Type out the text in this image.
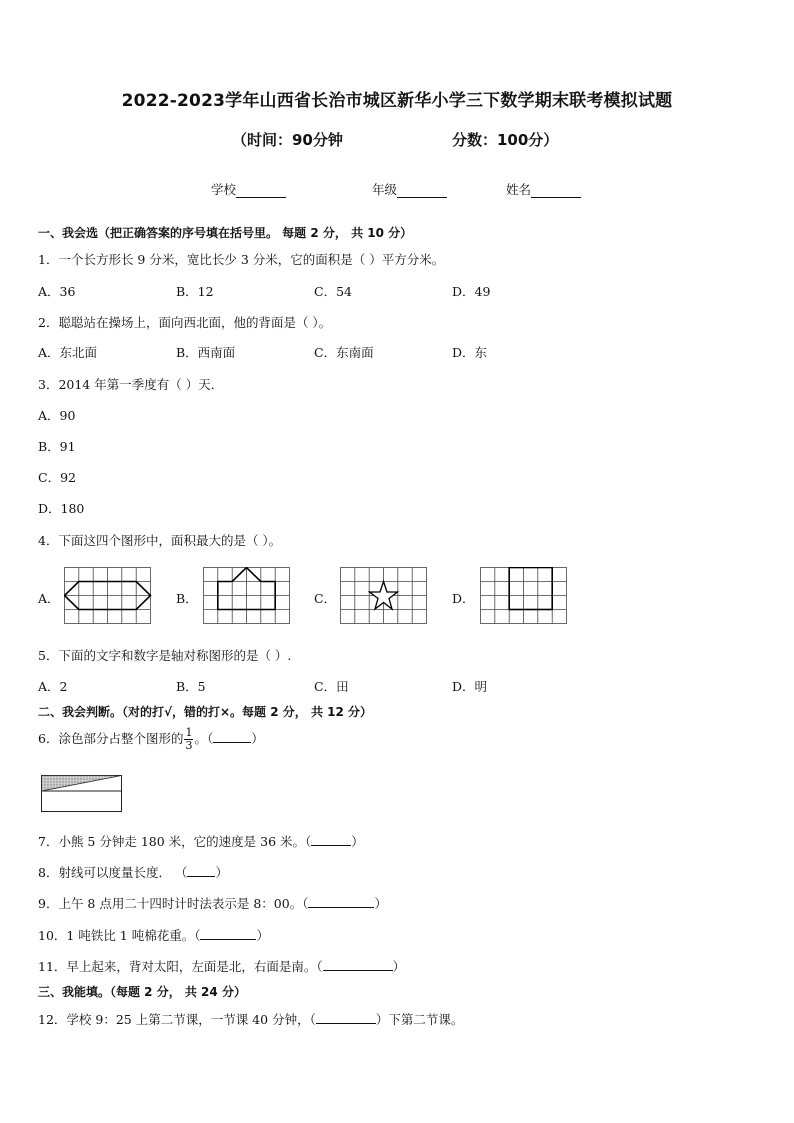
2022-2023学年山西省长治市城区新华小学三下数学期末联考模拟试题
（时间：90分钟	分数：100分）
学校	年级	姓名
一、我会选（把正确答案的序号填在括号里。 每题 2 分， 共 10 分）
1．一个长方形长 9 分米，宽比长少 3 分米，它的面积是（ ）平方分米。
A．36	B．12	C．54	D．49
2．聪聪站在操场上，面向西北面，他的背面是（ ）。
A．东北面	B．西南面	C．东南面	D．东
3．2014 年第一季度有（ ）天．
A．90
B．91
C．92
D．180
4．下面这四个图形中，面积最大的是（ ）。
A．	B．	C．	D．
5．下面的文字和数字是轴对称图形的是（ ）.
A．2	B．5	C．田	D．明
二、我会判断。（对的打√，错的打×。每题 2 分， 共 12 分）
6．涂色部分占整个图形的 $\frac{1}{3}$ 。（	）
7．小熊 5 分钟走 180 米，它的速度是 36 米。（	）
8．射线可以度量长度． （ ）
9．上午 8 点用二十四时计时法表示是 8：00。（	）
10．1 吨铁比 1 吨棉花重。（	）
11．早上起来，背对太阳，左面是北，右面是南。（	）
三、我能填。（每题 2 分， 共 24 分）
12．学校 9：25 上第二节课，一节课 40 分钟，（	）下第二节课。
